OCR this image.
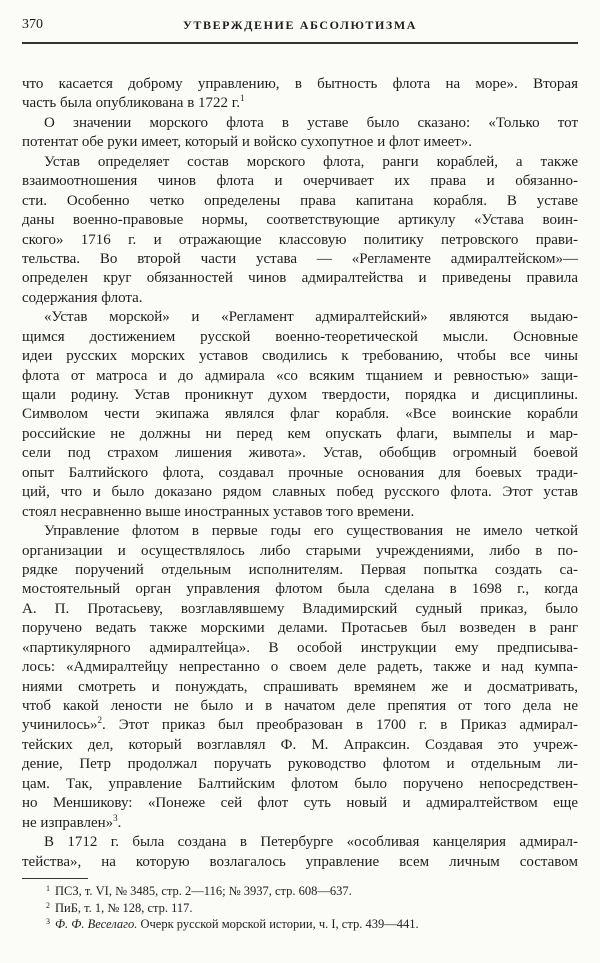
370	УТВЕРЖДЕНИЕ АБСОЛЮТИЗМА
что касается доброму управлению, в бытность флота на море». Вторая
часть была опубликована в 1722 г.$^1$
О значении морского флота в уставе было сказано: «Только тот
потентат обе руки имеет, который и войско сухопутное и флот имеет».
Устав определяет состав морского флота, ранги кораблей, а также
взаимоотношения чинов флота и очерчивает их права и обязанно-
сти. Особенно четко определены права капитана корабля. В уставе
даны военно-правовые нормы, соответствующие артикулу «Устава воин-
ского» 1716 г. и отражающие классовую политику петровского прави-
тельства. Во второй части устава — «Регламенте адмиралтейском»—
определен круг обязанностей чинов адмиралтейства и приведены правила
содержания флота.
«Устав морской» и «Регламент адмиралтейский» являются выдаю-
щимся достижением русской военно-теоретической мысли. Основные
идеи русских морских уставов сводились к требованию, чтобы все чины
флота от матроса и до адмирала «со всяким тщанием и ревностью» защи-
щали родину. Устав проникнут духом твердости, порядка и дисциплины.
Символом чести экипажа являлся флаг корабля. «Все воинские корабли
российские не должны ни перед кем опускать флаги, вымпелы и мар-
сели под страхом лишения живота». Устав, обобщив огромный боевой
опыт Балтийского флота, создавал прочные основания для боевых тради-
ций, что и было доказано рядом славных побед русского флота. Этот устав
стоял несравненно выше иностранных уставов того времени.
Управление флотом в первые годы его существования не имело четкой
организации и осуществлялось либо старыми учреждениями, либо в по-
рядке поручений отдельным исполнителям. Первая попытка создать са-
мостоятельный орган управления флотом была сделана в 1698 г., когда
А. П. Протасьеву, возглавлявшему Владимирский судный приказ, было
поручено ведать также морскими делами. Протасьев был возведен в ранг
«партикулярного адмиралтейца». В особой инструкции ему предписыва-
лось: «Адмиралтейцу непрестанно о своем деле радеть, также и над кумпа-
ниями смотреть и понуждать, спрашивать времянем же и досматривать,
чтоб какой лености не было и в начатом деле препятия от того дела не
учинилось»$^2$. Этот приказ был преобразован в 1700 г. в Приказ адмирал-
тейских дел, который возглавлял Ф. М. Апраксин. Создавая это учреж-
дение, Петр продолжал поручать руководство флотом и отдельным ли-
цам. Так, управление Балтийским флотом было поручено непосредствен-
но Меншикову: «Понеже сей флот суть новый и адмиралтейством еще
не изправлен»$^3$.
В 1712 г. была создана в Петербурге «особливая канцелярия адмирал-
тейства», на которую возлагалось управление всем личным составом
$^1$ ПСЗ, т. VI, № 3485, стр. 2—116; № 3937, стр. 608—637.
$^2$ ПиБ, т. 1, № 128, стр. 117.
$^3$ Ф. Ф. Веселаго. Очерк русской морской истории, ч. I, стр. 439—441.
